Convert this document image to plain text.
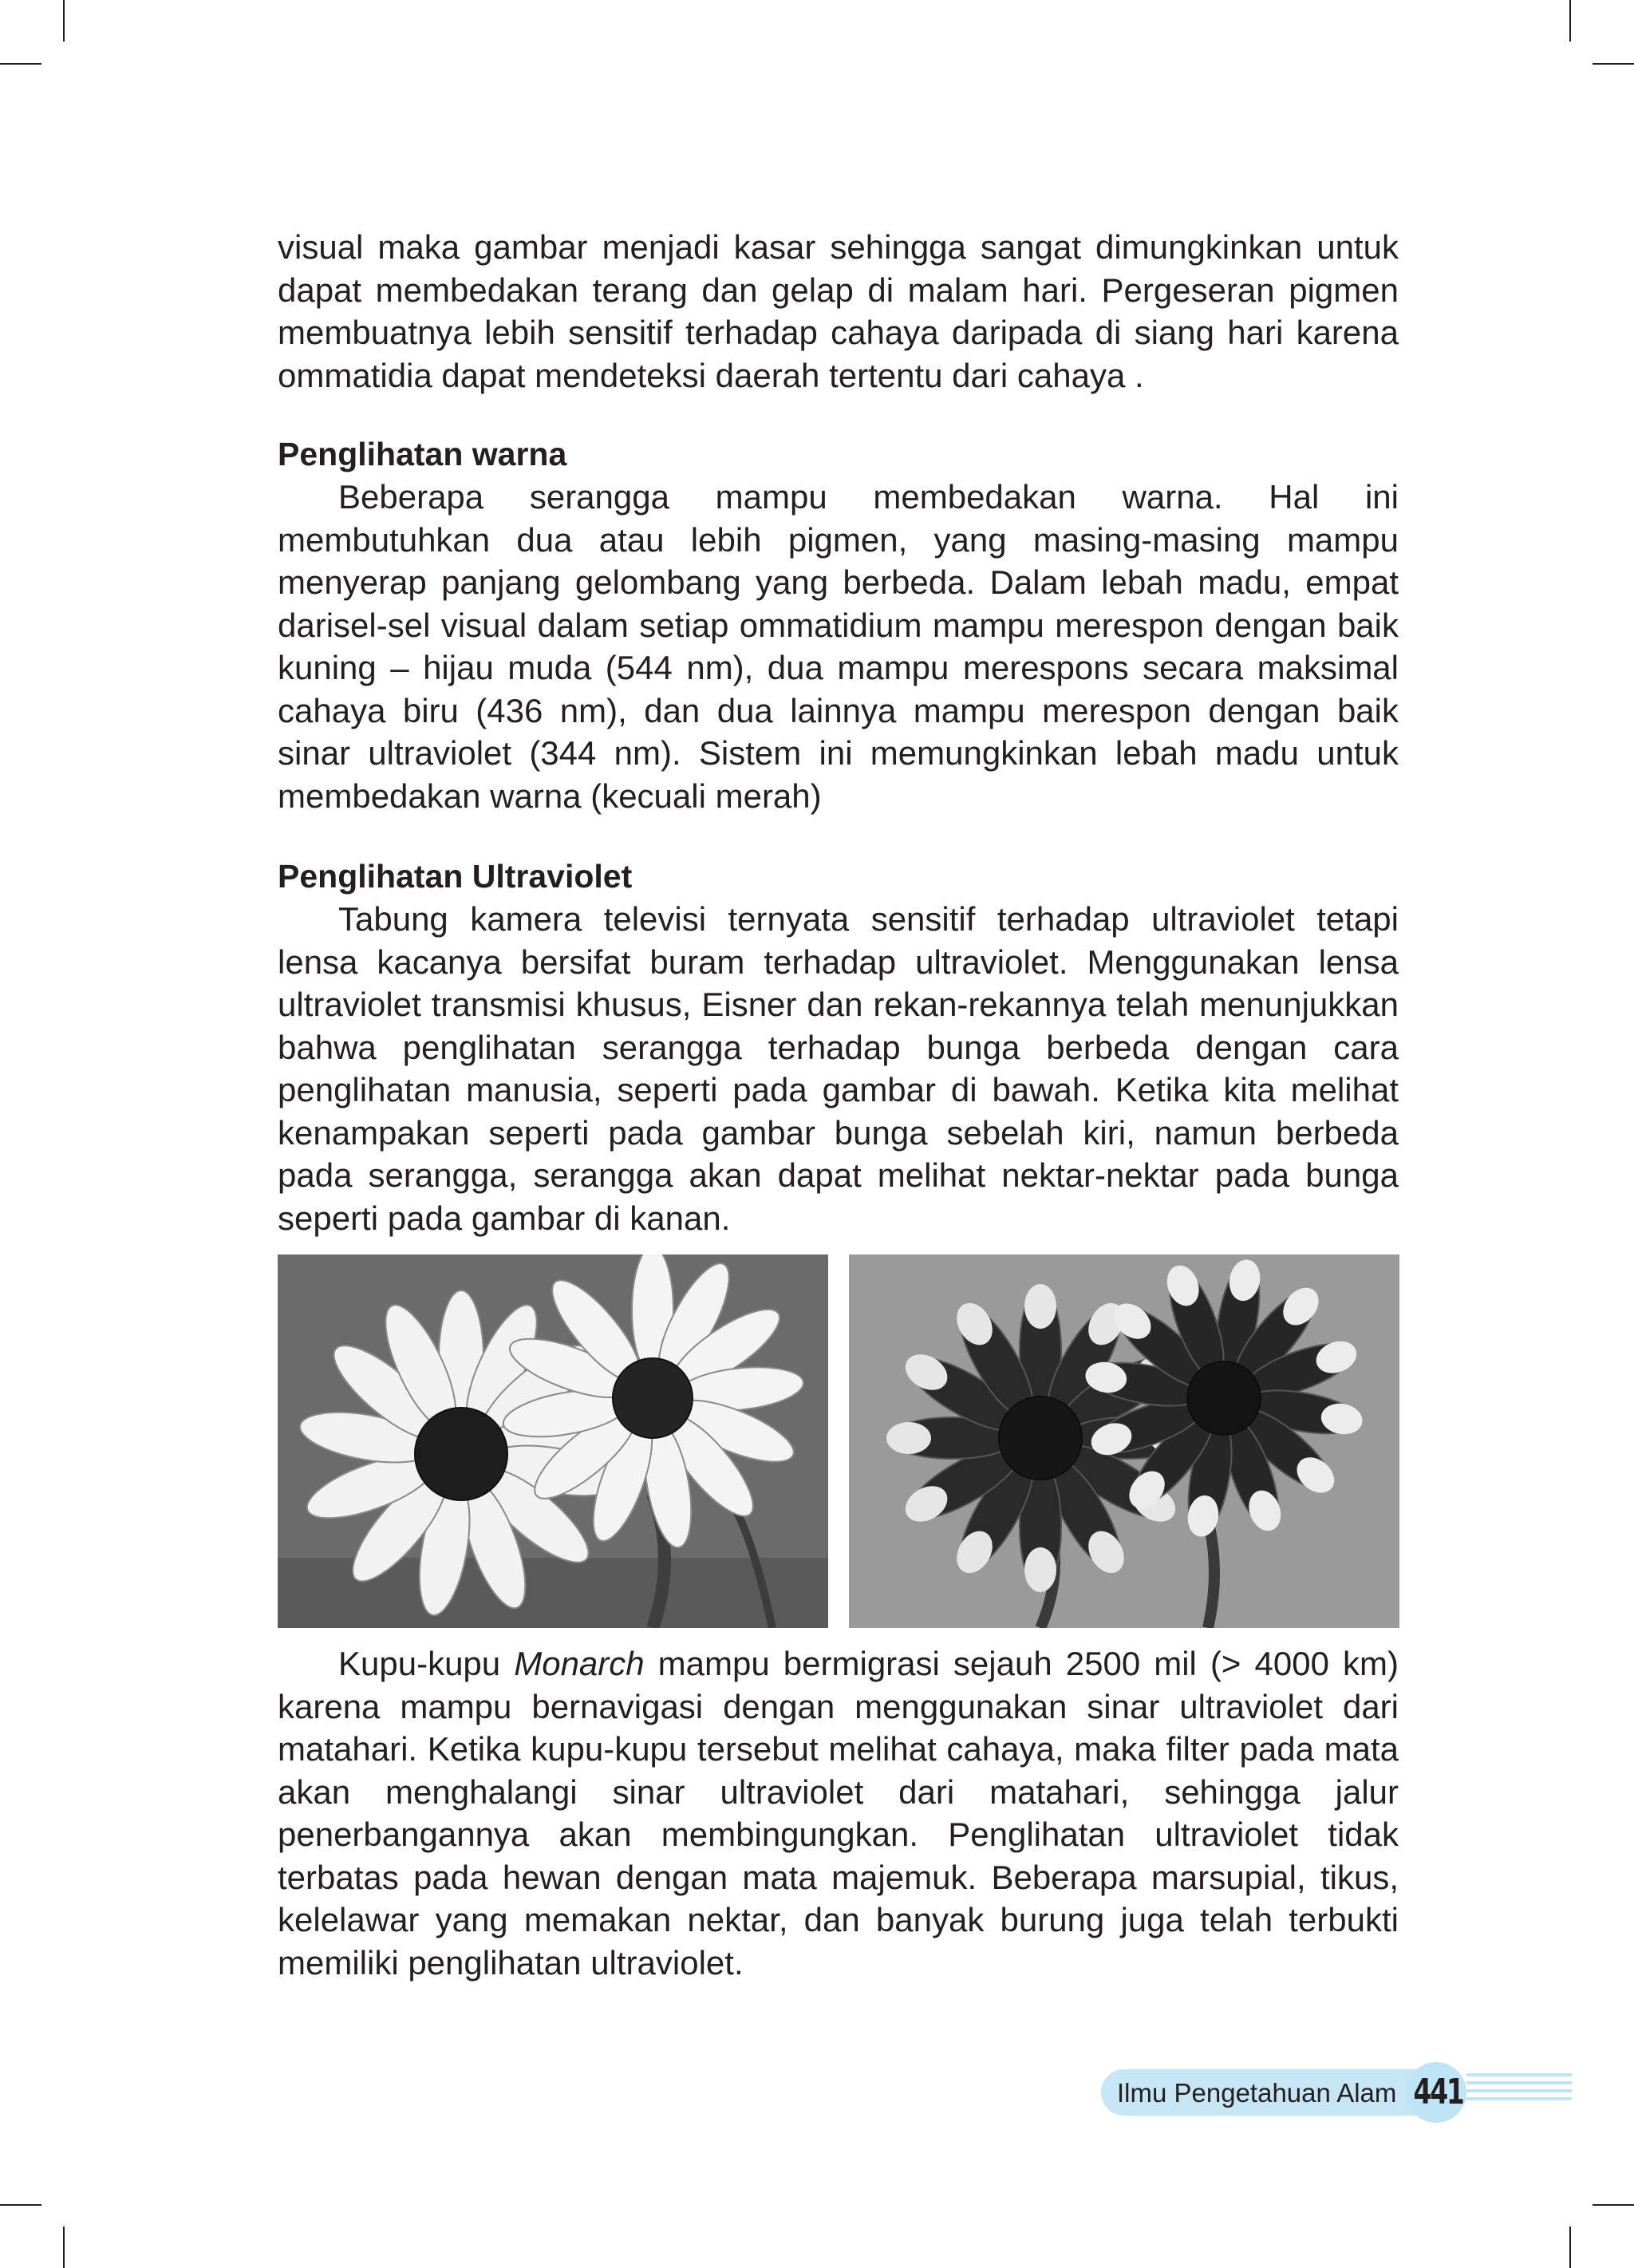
visual maka gambar menjadi kasar sehingga sangat dimungkinkan untuk dapat membedakan terang dan gelap di malam hari. Pergeseran pigmen membuatnya lebih sensitif terhadap cahaya daripada di siang hari karena ommatidia dapat mendeteksi daerah tertentu dari cahaya .

Penglihatan warna

Beberapa serangga mampu membedakan warna. Hal ini membutuhkan dua atau lebih pigmen, yang masing-masing mampu menyerap panjang gelombang yang berbeda. Dalam lebah madu, empat darisel-sel visual dalam setiap ommatidium mampu merespon dengan baik kuning – hijau muda (544 nm), dua mampu merespons secara maksimal cahaya biru (436 nm), dan dua lainnya mampu merespon dengan baik sinar ultraviolet (344 nm). Sistem ini memungkinkan lebah madu untuk membedakan warna (kecuali merah)

Penglihatan Ultraviolet

Tabung kamera televisi ternyata sensitif terhadap ultraviolet tetapi lensa kacanya bersifat buram terhadap ultraviolet. Menggunakan lensa ultraviolet transmisi khusus, Eisner dan rekan-rekannya telah menunjukkan bahwa penglihatan serangga terhadap bunga berbeda dengan cara penglihatan manusia, seperti pada gambar di bawah. Ketika kita melihat kenampakan seperti pada gambar bunga sebelah kiri, namun berbeda pada serangga, serangga akan dapat melihat nektar-nektar pada bunga seperti pada gambar di kanan.

Kupu-kupu Monarch mampu bermigrasi sejauh 2500 mil (> 4000 km) karena mampu bernavigasi dengan menggunakan sinar ultraviolet dari matahari. Ketika kupu-kupu tersebut melihat cahaya, maka filter pada mata akan menghalangi sinar ultraviolet dari matahari, sehingga jalur penerbangannya akan membingungkan. Penglihatan ultraviolet tidak terbatas pada hewan dengan mata majemuk. Beberapa marsupial, tikus, kelelawar yang memakan nektar, dan banyak burung juga telah terbukti memiliki penglihatan ultraviolet.

Ilmu Pengetahuan Alam 441
